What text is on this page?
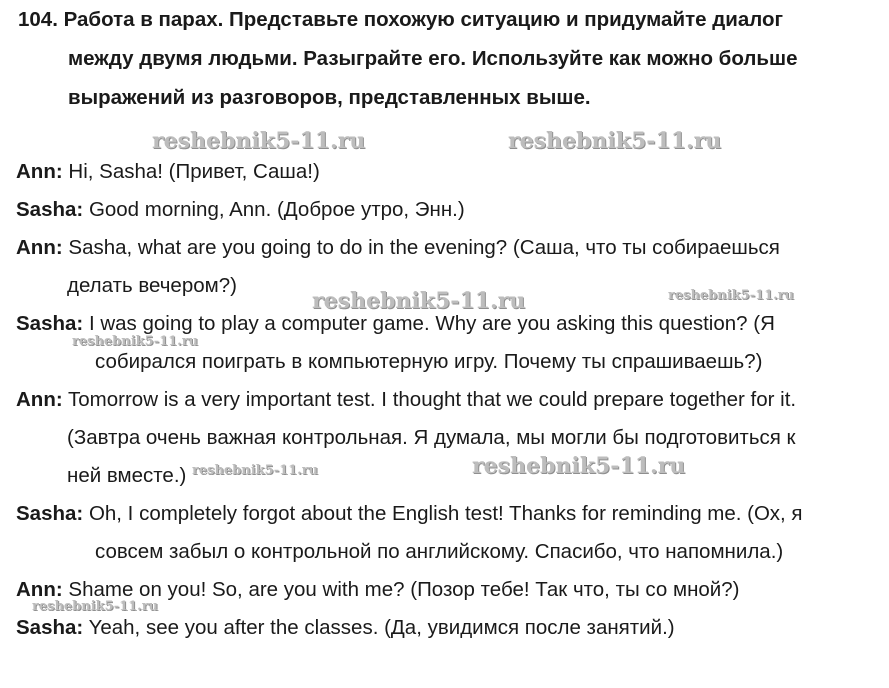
104. Работа в парах. Представьте похожую ситуацию и придумайте диалог
между двумя людьми. Разыграйте его. Используйте как можно больше
выражений из разговоров, представленных выше.
reshebnik5-11.ru	reshebnik5-11.ru
reshebnik5-11.ru	reshebnik5-11.ru
reshebnik5-11.ru
reshebnik5-11.ru	reshebnik5-11.ru
reshebnik5-11.ru
Ann: Hi, Sasha! (Привет, Саша!)
Sasha: Good morning, Ann. (Доброе утро, Энн.)
Ann: Sasha, what are you going to do in the evening? (Саша, что ты собираешься
делать вечером?)
Sasha: I was going to play a computer game. Why are you asking this question? (Я
собирался поиграть в компьютерную игру. Почему ты спрашиваешь?)
Ann: Tomorrow is a very important test. I thought that we could prepare together for it.
(Завтра очень важная контрольная. Я думала, мы могли бы подготовиться к
ней вместе.)
Sasha: Oh, I completely forgot about the English test! Thanks for reminding me. (Ох, я
совсем забыл о контрольной по английскому. Спасибо, что напомнила.)
Ann: Shame on you! So, are you with me? (Позор тебе! Так что, ты со мной?)
Sasha: Yeah, see you after the classes. (Да, увидимся после занятий.)
